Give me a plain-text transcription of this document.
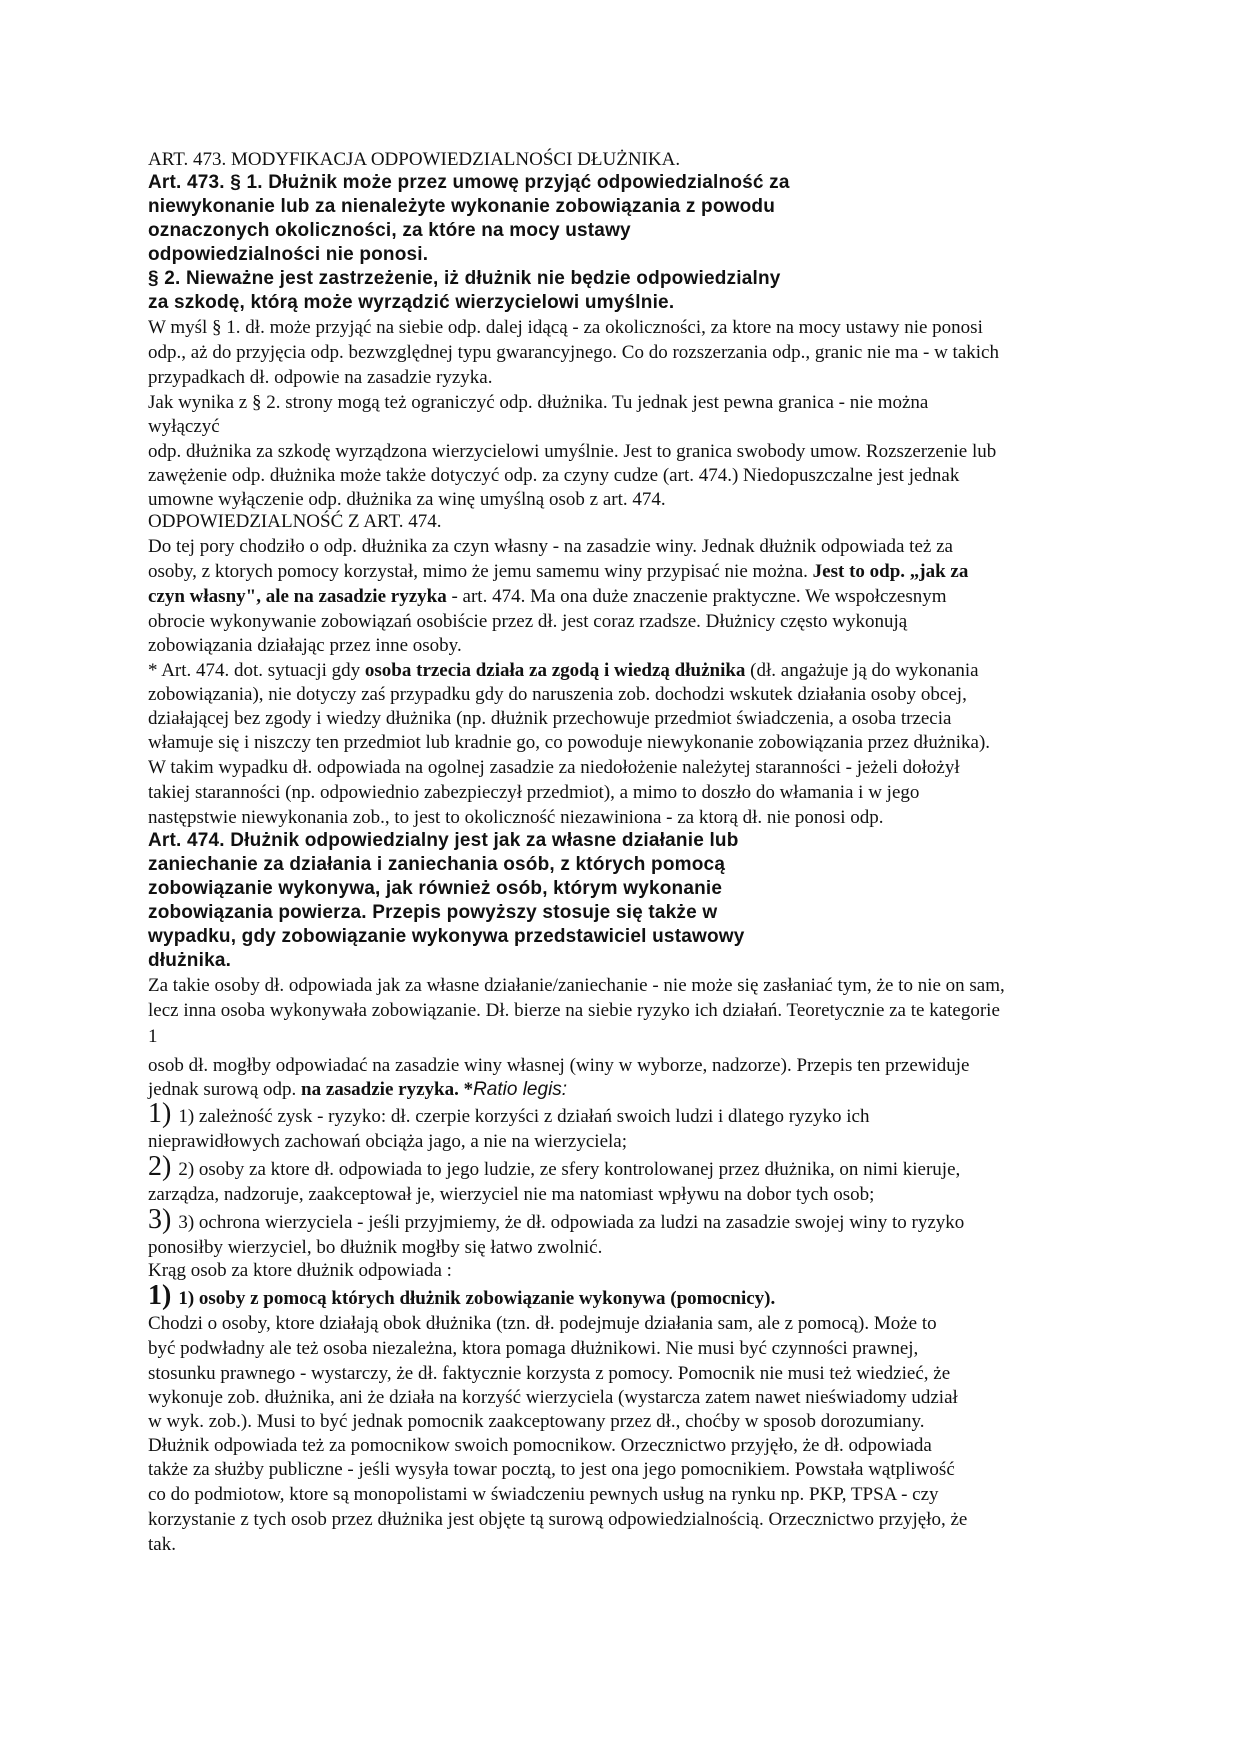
ART. 473. MODYFIKACJA ODPOWIEDZIALNOŚCI DŁUŻNIKA.
Art. 473. § 1. Dłużnik może przez umowę przyjąć odpowiedzialność za
niewykonanie lub za nienależyte wykonanie zobowiązania z powodu
oznaczonych okoliczności, za które na mocy ustawy
odpowiedzialności nie ponosi.
§ 2. Nieważne jest zastrzeżenie, iż dłużnik nie będzie odpowiedzialny
za szkodę, którą może wyrządzić wierzycielowi umyślnie.
W myśl § 1. dł. może przyjąć na siebie odp. dalej idącą - za okoliczności, za ktore na mocy ustawy nie ponosi
odp., aż do przyjęcia odp. bezwzględnej typu gwarancyjnego. Co do rozszerzania odp., granic nie ma - w takich
przypadkach dł. odpowie na zasadzie ryzyka.
Jak wynika z § 2. strony mogą też ograniczyć odp. dłużnika. Tu jednak jest pewna granica - nie można
wyłączyć
odp. dłużnika za szkodę wyrządzona wierzycielowi umyślnie. Jest to granica swobody umow. Rozszerzenie lub
zawężenie odp. dłużnika może także dotyczyć odp. za czyny cudze (art. 474.) Niedopuszczalne jest jednak
umowne wyłączenie odp. dłużnika za winę umyślną osob z art. 474.
ODPOWIEDZIALNOŚĆ Z ART. 474.
Do tej pory chodziło o odp. dłużnika za czyn własny - na zasadzie winy. Jednak dłużnik odpowiada też za
osoby, z ktorych pomocy korzystał, mimo że jemu samemu winy przypisać nie można. Jest to odp. „jak za
czyn własny", ale na zasadzie ryzyka - art. 474. Ma ona duże znaczenie praktyczne. We wspołczesnym
obrocie wykonywanie zobowiązań osobiście przez dł. jest coraz rzadsze. Dłużnicy często wykonują
zobowiązania działając przez inne osoby.
* Art. 474. dot. sytuacji gdy osoba trzecia działa za zgodą i wiedzą dłużnika (dł. angażuje ją do wykonania
zobowiązania), nie dotyczy zaś przypadku gdy do naruszenia zob. dochodzi wskutek działania osoby obcej,
działającej bez zgody i wiedzy dłużnika (np. dłużnik przechowuje przedmiot świadczenia, a osoba trzecia
włamuje się i niszczy ten przedmiot lub kradnie go, co powoduje niewykonanie zobowiązania przez dłużnika).
W takim wypadku dł. odpowiada na ogolnej zasadzie za niedołożenie należytej staranności - jeżeli dołożył
takiej staranności (np. odpowiednio zabezpieczył przedmiot), a mimo to doszło do włamania i w jego
następstwie niewykonania zob., to jest to okoliczność niezawiniona - za ktorą dł. nie ponosi odp.
Art. 474. Dłużnik odpowiedzialny jest jak za własne działanie lub
zaniechanie za działania i zaniechania osób, z których pomocą
zobowiązanie wykonywa, jak również osób, którym wykonanie
zobowiązania powierza. Przepis powyższy stosuje się także w
wypadku, gdy zobowiązanie wykonywa przedstawiciel ustawowy
dłużnika.
Za takie osoby dł. odpowiada jak za własne działanie/zaniechanie - nie może się zasłaniać tym, że to nie on sam,
lecz inna osoba wykonywała zobowiązanie. Dł. bierze na siebie ryzyko ich działań. Teoretycznie za te kategorie
1
osob dł. mogłby odpowiadać na zasadzie winy własnej (winy w wyborze, nadzorze). Przepis ten przewiduje
jednak surową odp. na zasadzie ryzyka. *Ratio legis:
1) 1) zależność zysk - ryzyko: dł. czerpie korzyści z działań swoich ludzi i dlatego ryzyko ich
nieprawidłowych zachowań obciąża jago, a nie na wierzyciela;
2) 2) osoby za ktore dł. odpowiada to jego ludzie, ze sfery kontrolowanej przez dłużnika, on nimi kieruje,
zarządza, nadzoruje, zaakceptował je, wierzyciel nie ma natomiast wpływu na dobor tych osob;
3) 3) ochrona wierzyciela - jeśli przyjmiemy, że dł. odpowiada za ludzi na zasadzie swojej winy to ryzyko
ponosiłby wierzyciel, bo dłużnik mogłby się łatwo zwolnić.
Krąg osob za ktore dłużnik odpowiada :
1) 1) osoby z pomocą których dłużnik zobowiązanie wykonywa (pomocnicy).
Chodzi o osoby, ktore działają obok dłużnika (tzn. dł. podejmuje działania sam, ale z pomocą). Może to
być podwładny ale też osoba niezależna, ktora pomaga dłużnikowi. Nie musi być czynności prawnej,
stosunku prawnego - wystarczy, że dł. faktycznie korzysta z pomocy. Pomocnik nie musi też wiedzieć, że
wykonuje zob. dłużnika, ani że działa na korzyść wierzyciela (wystarcza zatem nawet nieświadomy udział
w wyk. zob.). Musi to być jednak pomocnik zaakceptowany przez dł., choćby w sposob dorozumiany.
Dłużnik odpowiada też za pomocnikow swoich pomocnikow. Orzecznictwo przyjęło, że dł. odpowiada
także za służby publiczne - jeśli wysyła towar pocztą, to jest ona jego pomocnikiem. Powstała wątpliwość
co do podmiotow, ktore są monopolistami w świadczeniu pewnych usług na rynku np. PKP, TPSA - czy
korzystanie z tych osob przez dłużnika jest objęte tą surową odpowiedzialnością. Orzecznictwo przyjęło, że
tak.
